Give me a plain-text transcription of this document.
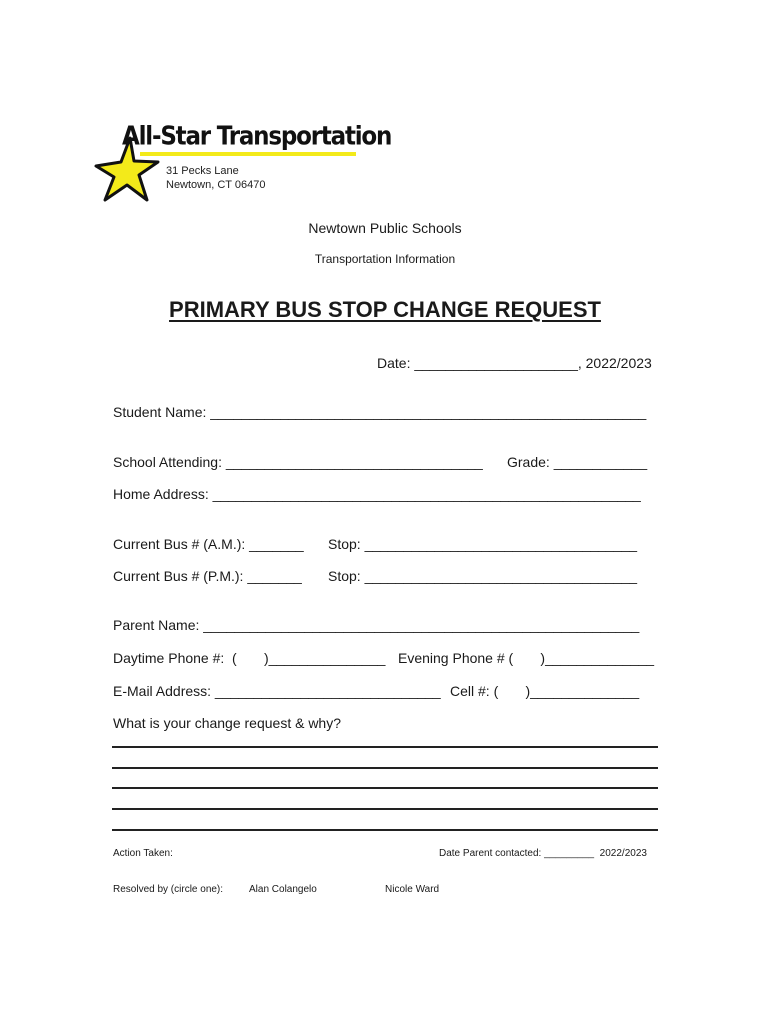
All-Star Transportation
31 Pecks Lane
Newtown, CT 06470
Newtown Public Schools
Transportation Information
PRIMARY BUS STOP CHANGE REQUEST
Date: _____________________, 2022/2023
Student Name: ________________________________________________________
School Attending: _________________________________ Grade: ____________
Home Address: _______________________________________________________
Current Bus # (A.M.): _______ Stop: ___________________________________
Current Bus # (P.M.): _______ Stop: ___________________________________
Parent Name: ________________________________________________________
Daytime Phone #:  (       )_______________ Evening Phone # (       )______________
E-Mail Address: _____________________________ Cell #: (       )______________
What is your change request & why?
Action Taken:	Date Parent contacted: _________  2022/2023
Resolved by (circle one):	Alan Colangelo	Nicole Ward
